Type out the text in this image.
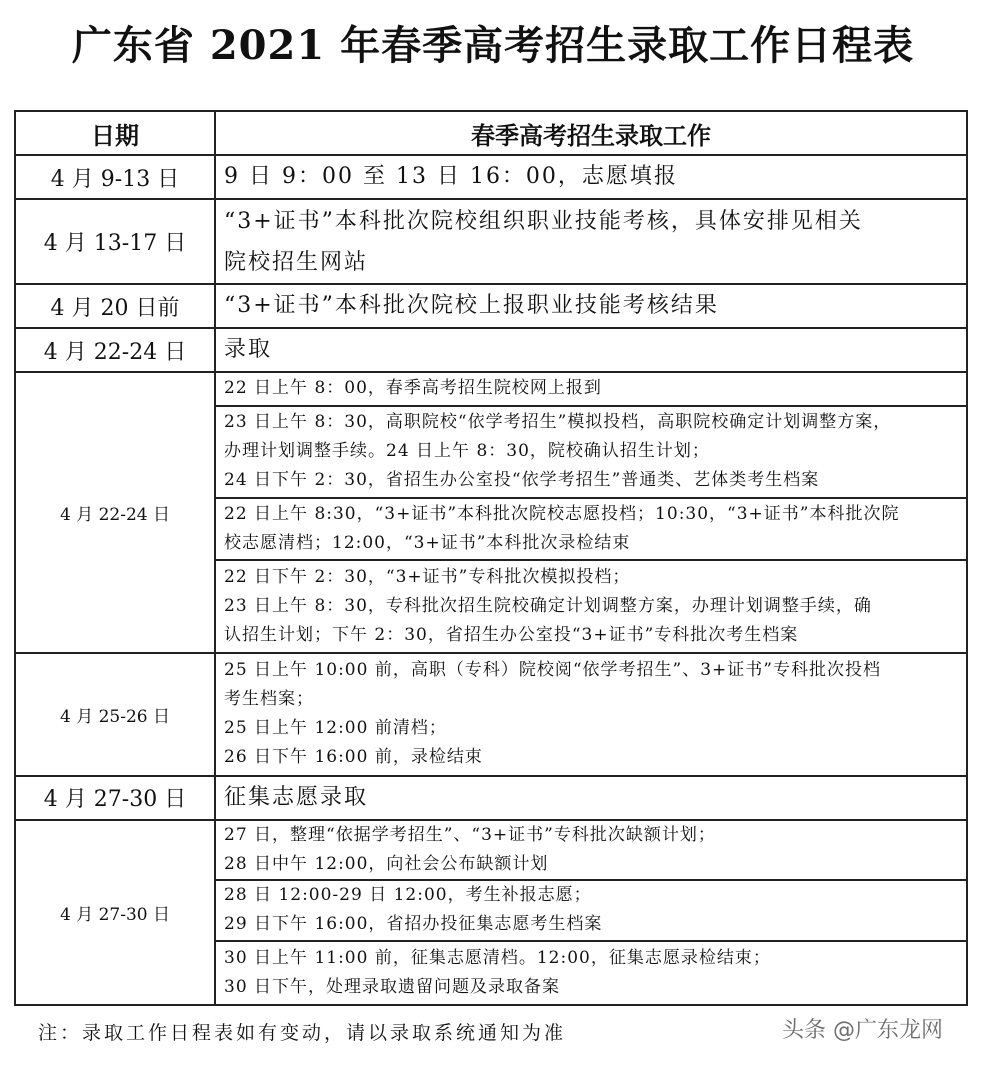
广东省 2021 年春季高考招生录取工作日程表
日期	春季高考招生录取工作
4 月 9-13 日	9 日 9：00 至 13 日 16：00，志愿填报

4 月 13-17 日	“3+证书”本科批次院校组织职业技能考核，具体安排见相关
院校招生网站

4 月 20 日前	“3+证书”本科批次院校上报职业技能考核结果

4 月 22-24 日	录取

4 月 22-24 日	22 日上午 8：00，春季高考招生院校网上报到

	23 日上午 8：30，高职院校“依学考招生”模拟投档，高职院校确定计划调整方案，
办理计划调整手续。24 日上午 8：30，院校确认招生计划；
24 日下午 2：30，省招生办公室投“依学考招生”普通类、艺体类考生档案

	22 日上午 8:30，“3+证书”本科批次院校志愿投档；10:30，“3+证书”本科批次院
校志愿清档；12:00，“3+证书”本科批次录检结束

	22 日下午 2：30，“3+证书”专科批次模拟投档；
23 日上午 8：30，专科批次招生院校确定计划调整方案，办理计划调整手续，确
认招生计划；下午 2：30，省招生办公室投“3+证书”专科批次考生档案

4 月 25-26 日	25 日上午 10:00 前，高职（专科）院校阅“依学考招生”、3+证书”专科批次投档
考生档案；
25 日上午 12:00 前清档；
26 日下午 16:00 前，录检结束

4 月 27-30 日	征集志愿录取

4 月 27-30 日	27 日，整理“依据学考招生”、“3+证书”专科批次缺额计划；
28 日中午 12:00，向社会公布缺额计划

	28 日 12:00-29 日 12:00，考生补报志愿；
29 日下午 16:00，省招办投征集志愿考生档案

	30 日上午 11:00 前，征集志愿清档。12:00，征集志愿录检结束；
30 日下午，处理录取遗留问题及录取备案
注：录取工作日程表如有变动，请以录取系统通知为准	头条 @广东龙网
